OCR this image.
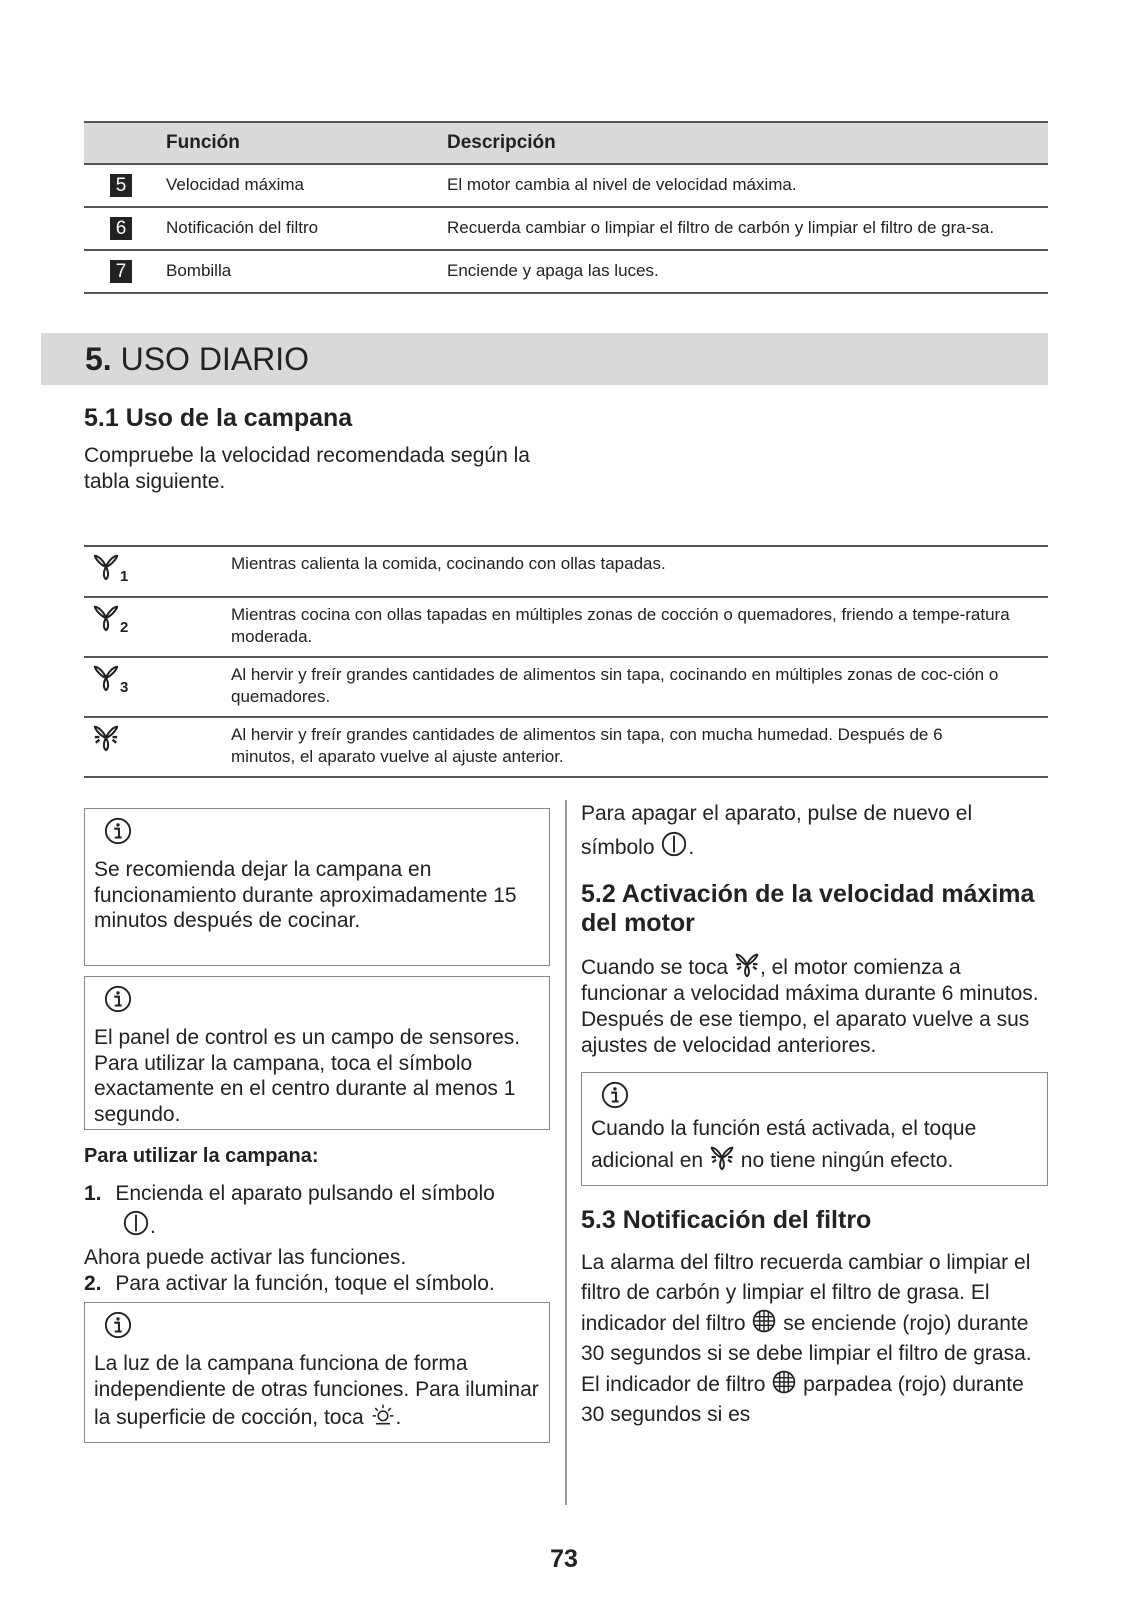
	Función	Descripción
5	Velocidad máxima	El motor cambia al nivel de velocidad máxima.
6	Notificación del filtro	Recuerda cambiar o limpiar el filtro de carbón y limpiar el filtro de gra-sa.
7	Bombilla	Enciende y apaga las luces.
5. USO DIARIO
5.1 Uso de la campana

Compruebe la velocidad recomendada según la tabla siguiente.

1	Mientras calienta la comida, cocinando con ollas tapadas.
2	Mientras cocina con ollas tapadas en múltiples zonas de cocción o quemadores, friendo a tempe-ratura moderada.
3	Al hervir y freír grandes cantidades de alimentos sin tapa, cocinando en múltiples zonas de coc-ción o quemadores.
	Al hervir y freír grandes cantidades de alimentos sin tapa, con mucha humedad. Después de 6 minutos, el aparato vuelve al ajuste anterior.

Se recomienda dejar la campana en funcionamiento durante aproximadamente 15 minutos después de cocinar.

El panel de control es un campo de sensores. Para utilizar la campana, toca el símbolo exactamente en el centro durante al menos 1 segundo.

Para utilizar la campana:
1. Encienda el aparato pulsando el símbolo
.

Ahora puede activar las funciones.

2. Para activar la función, toque el símbolo.

La luz de la campana funciona de forma independiente de otras funciones. Para iluminar la superficie de cocción, toca .

Para apagar el aparato, pulse de nuevo el símbolo .

5.2 Activación de la velocidad máxima del motor

Cuando se toca , el motor comienza a funcionar a velocidad máxima durante 6 minutos. Después de ese tiempo, el aparato vuelve a sus ajustes de velocidad anteriores.

Cuando la función está activada, el toque adicional en no tiene ningún efecto.

5.3 Notificación del filtro

La alarma del filtro recuerda cambiar o limpiar el filtro de carbón y limpiar el filtro de grasa. El indicador del filtro se enciende (rojo) durante 30 segundos si se debe limpiar el filtro de grasa. El indicador de filtro parpadea (rojo) durante 30 segundos si es

73
